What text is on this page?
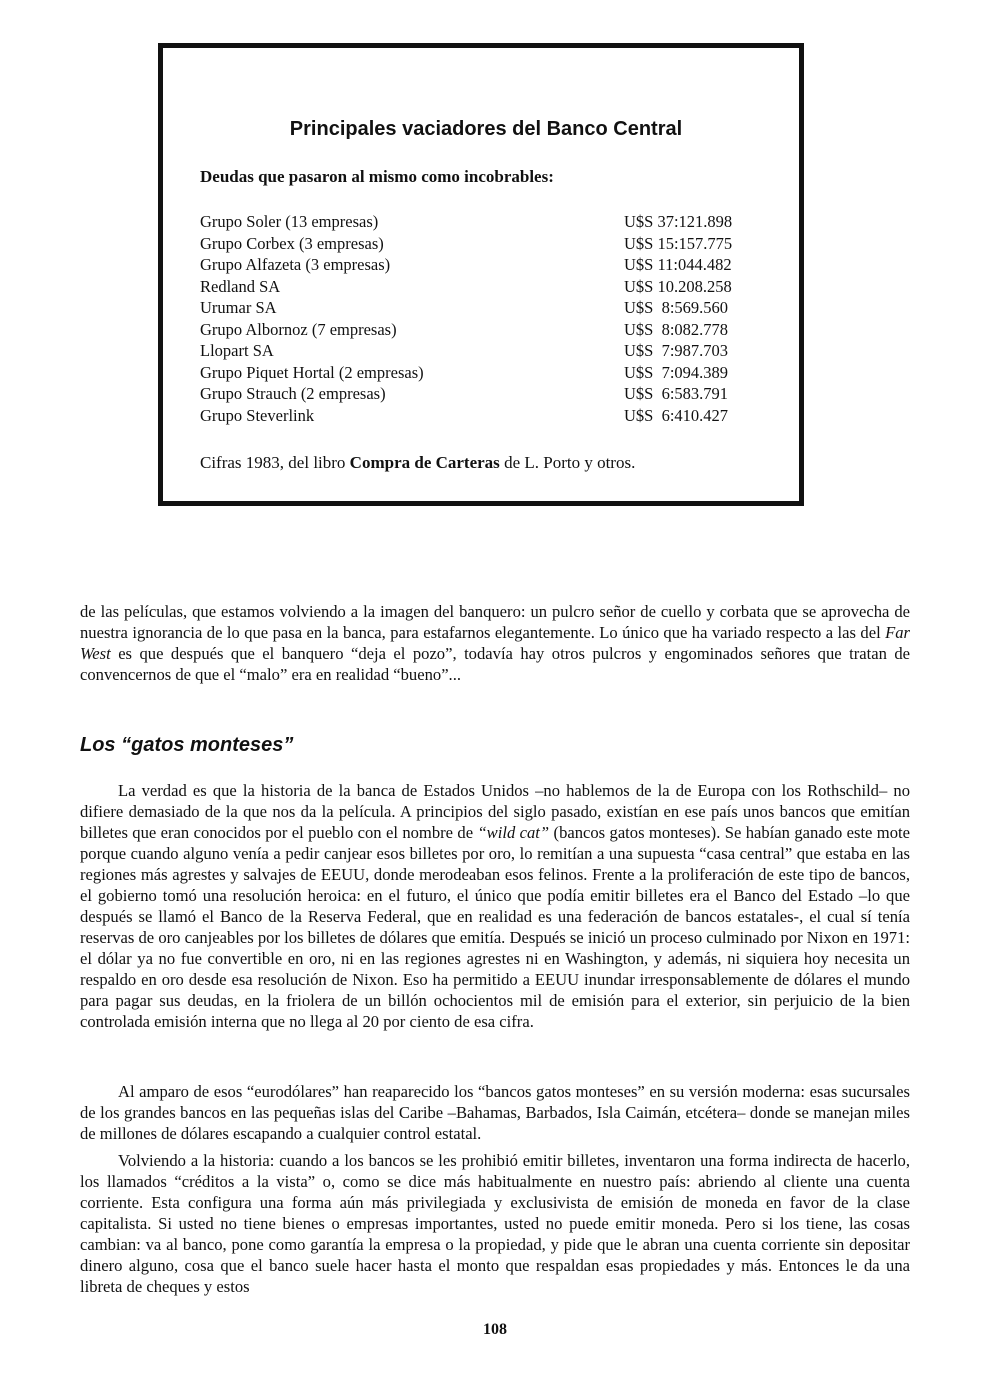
Principales vaciadores del Banco Central
Deudas que pasaron al mismo como incobrables:
Grupo Soler (13 empresas)	U$S 37:121.898
Grupo Corbex (3 empresas)	U$S 15:157.775
Grupo Alfazeta (3 empresas)	U$S 11:044.482
Redland SA	U$S 10.208.258
Urumar SA	U$S  8:569.560
Grupo Albornoz (7 empresas)	U$S  8:082.778
Llopart SA	U$S  7:987.703
Grupo Piquet Hortal (2 empresas)	U$S  7:094.389
Grupo Strauch (2 empresas)	U$S  6:583.791
Grupo Steverlink	U$S  6:410.427
Cifras 1983, del libro Compra de Carteras de L. Porto y otros.

de las películas, que estamos volviendo a la imagen del banquero: un pulcro señor de cuello y corbata que se aprovecha de nuestra ignorancia de lo que pasa en la banca, para estafarnos elegantemente. Lo único que ha variado respecto a las del Far West es que después que el banquero “deja el pozo”, todavía hay otros pulcros y engominados señores que tratan de convencernos de que el “malo” era en realidad “bueno”...

Los “gatos monteses”

La verdad es que la historia de la banca de Estados Unidos –no hablemos de la de Europa con los Rothschild– no difiere demasiado de la que nos da la película. A principios del siglo pasado, existían en ese país unos bancos que emitían billetes que eran conocidos por el pueblo con el nombre de “wild cat” (bancos gatos monteses). Se habían ganado este mote porque cuando alguno venía a pedir canjear esos billetes por oro, lo remitían a una supuesta “casa central” que estaba en las regiones más agrestes y salvajes de EEUU, donde merodeaban esos felinos. Frente a la proliferación de este tipo de bancos, el gobierno tomó una resolución heroica: en el futuro, el único que podía emitir billetes era el Banco del Estado –lo que después se llamó el Banco de la Reserva Federal, que en realidad es una federación de bancos estatales-, el cual sí tenía reservas de oro canjeables por los billetes de dólares que emitía. Después se inició un proceso culminado por Nixon en 1971: el dólar ya no fue convertible en oro, ni en las regiones agrestes ni en Washington, y además, ni siquiera hoy necesita un respaldo en oro desde esa resolución de Nixon. Eso ha permitido a EEUU inundar irresponsablemente de dólares el mundo para pagar sus deudas, en la friolera de un billón ochocientos mil de emisión para el exterior, sin perjuicio de la bien controlada emisión interna que no llega al 20 por ciento de esa cifra.

Al amparo de esos “eurodólares” han reaparecido los “bancos gatos monteses” en su versión moderna: esas sucursales de los grandes bancos en las pequeñas islas del Caribe –Bahamas, Barbados, Isla Caimán, etcétera– donde se manejan miles de millones de dólares escapando a cualquier control estatal.

Volviendo a la historia: cuando a los bancos se les prohibió emitir billetes, inventaron una forma indirecta de hacerlo, los llamados “créditos a la vista” o, como se dice más habitualmente en nuestro país: abriendo al cliente una cuenta corriente. Esta configura una forma aún más privilegiada y exclusivista de emisión de moneda en favor de la clase capitalista. Si usted no tiene bienes o empresas importantes, usted no puede emitir moneda. Pero si los tiene, las cosas cambian: va al banco, pone como garantía la empresa o la propiedad, y pide que le abran una cuenta corriente sin depositar dinero alguno, cosa que el banco suele hacer hasta el monto que respaldan esas propiedades y más. Entonces le da una libreta de cheques y estos

108
